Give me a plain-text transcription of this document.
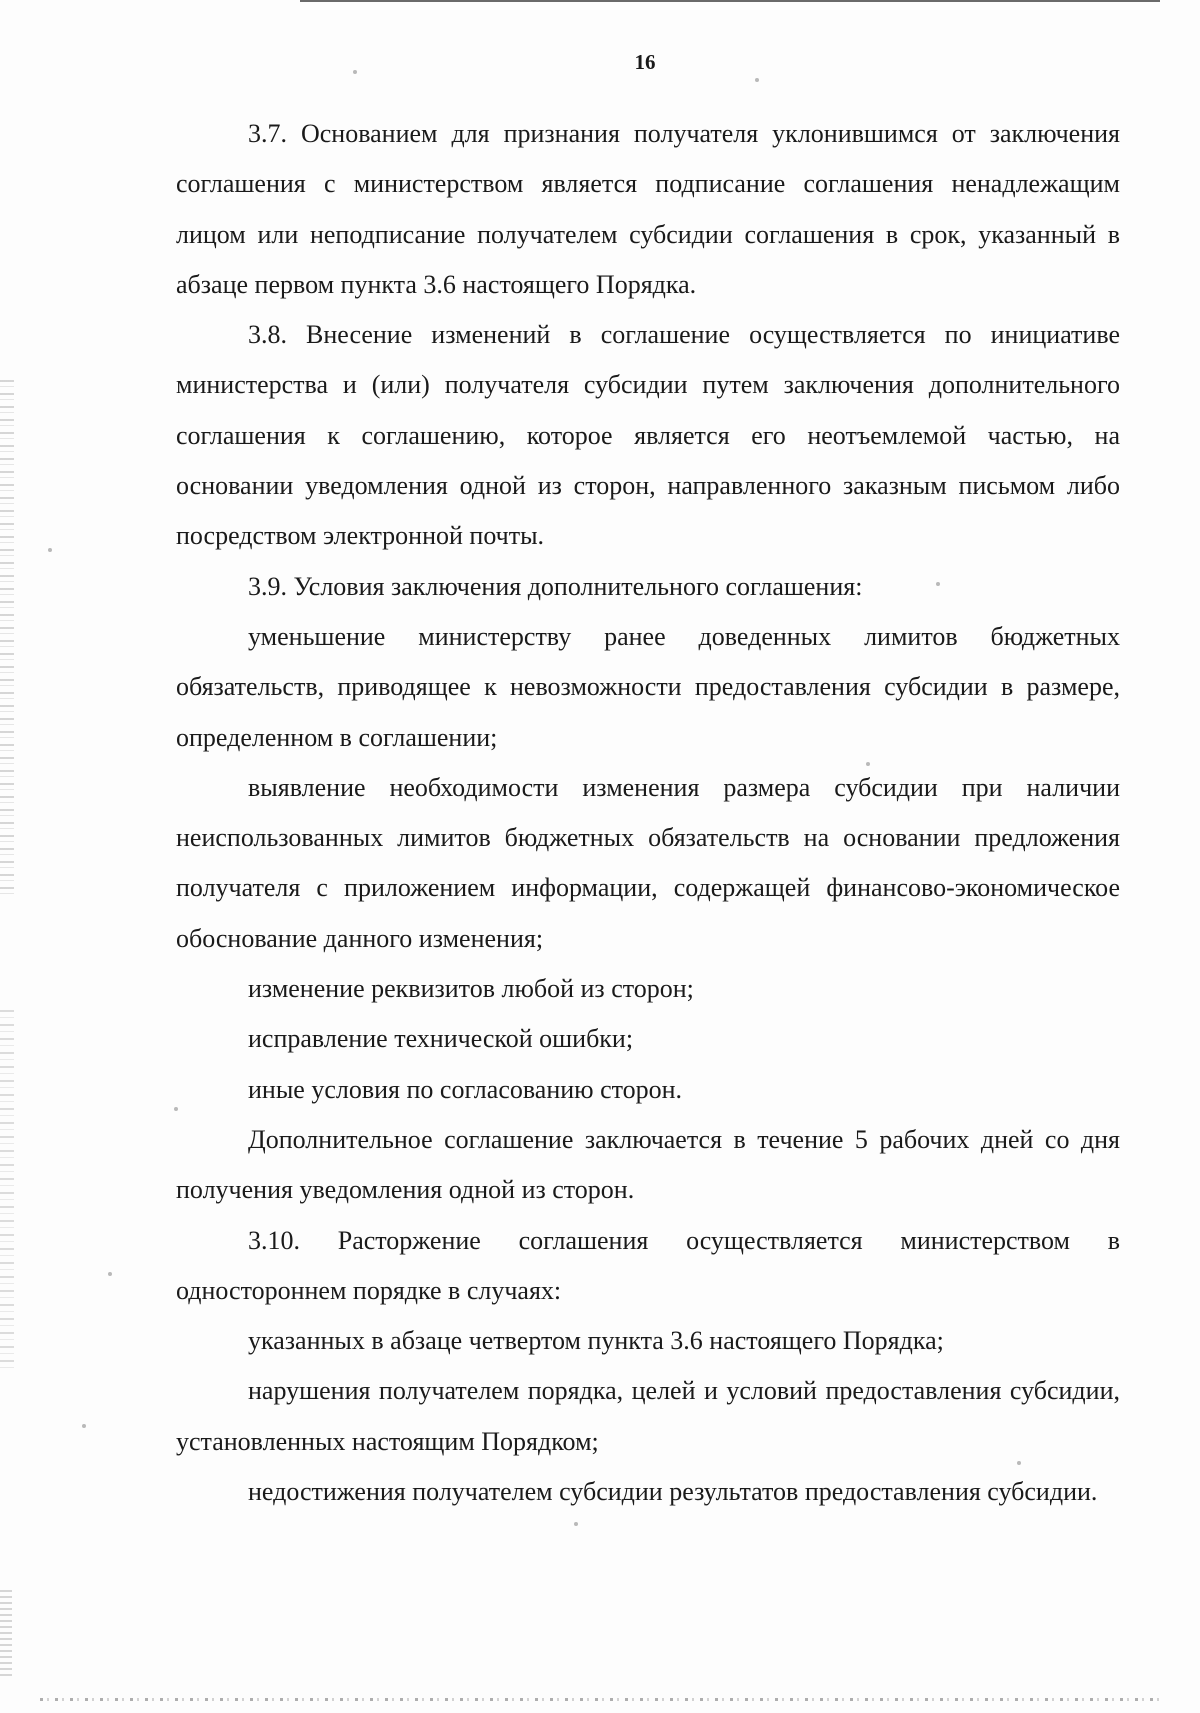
16

3.7. Основанием для признания получателя уклонившимся от заключения соглашения с министерством является подписание соглашения ненадлежащим лицом или неподписание получателем субсидии соглашения в срок, указанный в абзаце первом пункта 3.6 настоящего Порядка.

3.8. Внесение изменений в соглашение осуществляется по инициативе министерства и (или) получателя субсидии путем заключения дополнительного соглашения к соглашению, которое является его неотъемлемой частью, на основании уведомления одной из сторон, направленного заказным письмом либо посредством электронной почты.

3.9. Условия заключения дополнительного соглашения:

уменьшение министерству ранее доведенных лимитов бюджетных обязательств, приводящее к невозможности предоставления субсидии в размере, определенном в соглашении;

выявление необходимости изменения размера субсидии при наличии неиспользованных лимитов бюджетных обязательств на основании предложения получателя с приложением информации, содержащей финансово-экономическое обоснование данного изменения;

изменение реквизитов любой из сторон;

исправление технической ошибки;

иные условия по согласованию сторон.

Дополнительное соглашение заключается в течение 5 рабочих дней со дня получения уведомления одной из сторон.

3.10. Расторжение соглашения осуществляется министерством в одностороннем порядке в случаях:

указанных в абзаце четвертом пункта 3.6 настоящего Порядка;

нарушения получателем порядка, целей и условий предоставления субсидии, установленных настоящим Порядком;

недостижения получателем субсидии результатов предоставления субсидии.
